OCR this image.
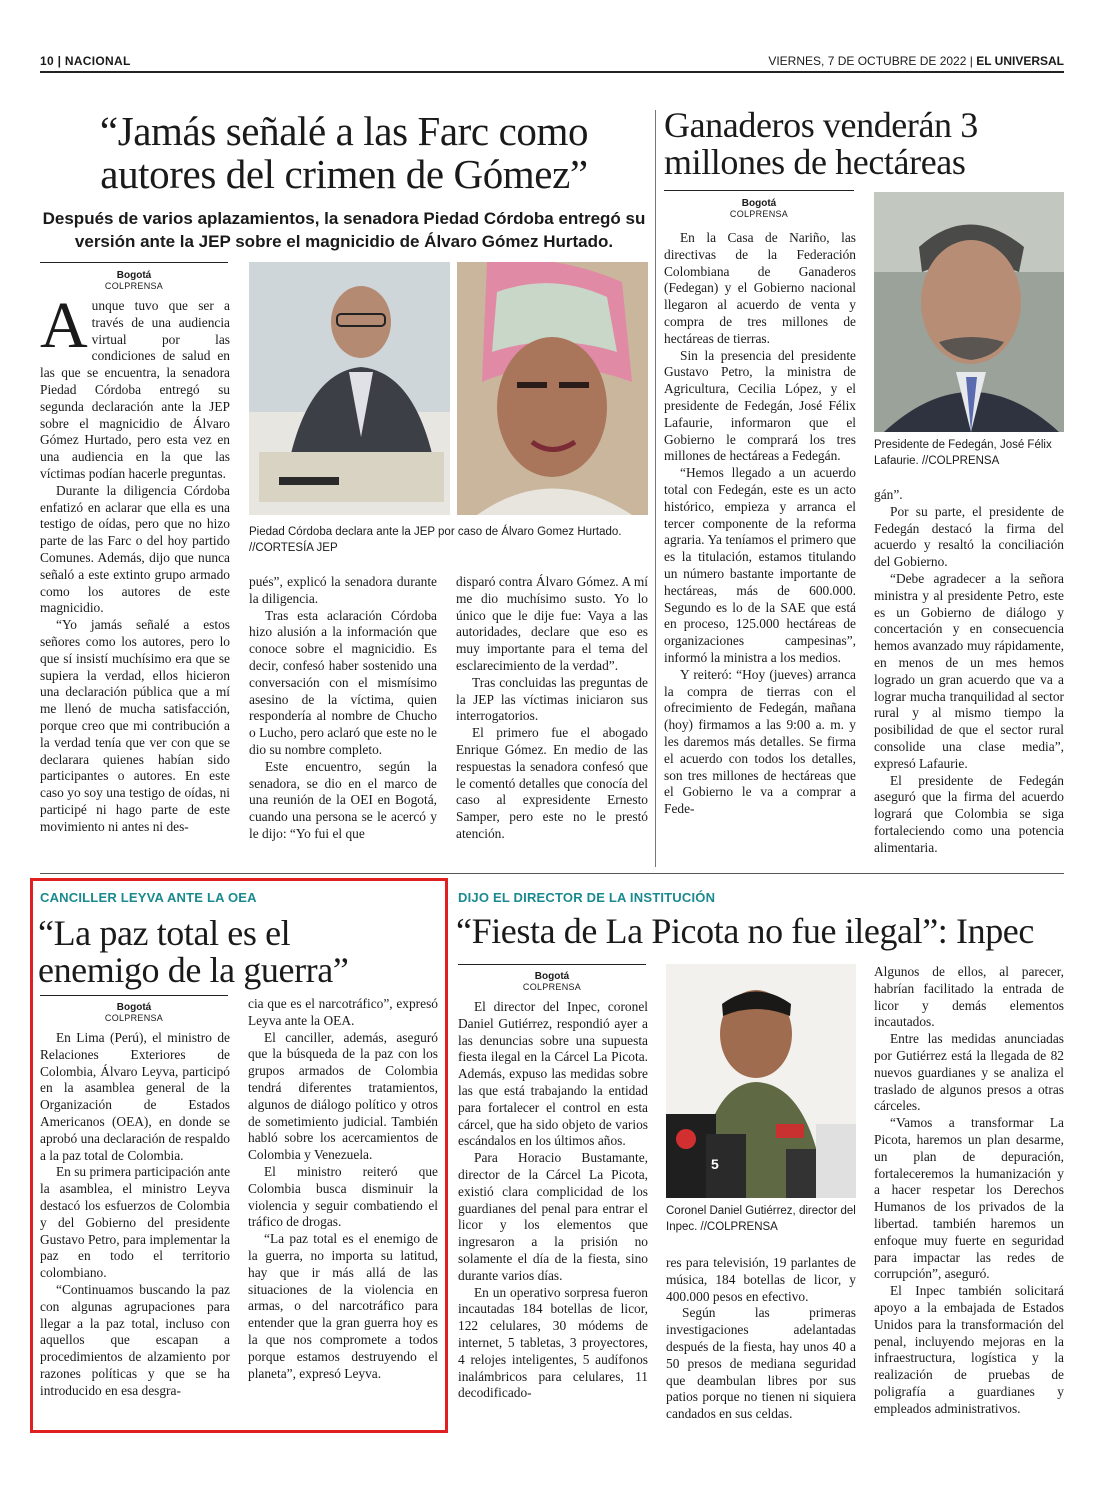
10 | NACIONAL	VIERNES, 7 DE OCTUBRE DE 2022 | EL UNIVERSAL
“Jamás señalé a las Farc como
autores del crimen de Gómez”
Después de varios aplazamientos, la senadora Piedad Córdoba entregó su
versión ante la JEP sobre el magnicidio de Álvaro Gómez Hurtado.
Bogotá
COLPRENSA

Aunque tuvo que ser a través de una audiencia virtual por las condiciones de salud en las que se encuentra, la senadora Piedad Córdoba entregó su segunda declaración ante la JEP sobre el magnicidio de Álvaro Gómez Hurtado, pero esta vez en una audiencia en la que las víctimas podían hacerle preguntas.

Durante la diligencia Córdoba enfatizó en aclarar que ella es una testigo de oídas, pero que no hizo parte de las Farc o del hoy partido Comunes. Además, dijo que nunca señaló a este extinto grupo armado como los autores de este magnicidio.

“Yo jamás señalé a estos señores como los autores, pero lo que sí insistí muchísimo era que se supiera la verdad, ellos hicieron una declaración pública que a mí me llenó de mucha satisfacción, porque creo que mi contribución a la verdad tenía que ver con que se declarara quienes habían sido participantes o autores. En este caso yo soy una testigo de oídas, ni participé ni hago parte de este movimiento ni antes ni des-

Piedad Córdoba declara ante la JEP por caso de Álvaro Gomez Hurtado. //CORTESÍA JEP

pués”, explicó la senadora durante la diligencia.

Tras esta aclaración Córdoba hizo alusión a la información que conoce sobre el magnicidio. Es decir, confesó haber sostenido una conversación con el mismísimo asesino de la víctima, quien respondería al nombre de Chucho o Lucho, pero aclaró que este no le dio su nombre completo.

Este encuentro, según la senadora, se dio en el marco de una reunión de la OEI en Bogotá, cuando una persona se le acercó y le dijo: “Yo fui el que

disparó contra Álvaro Gómez. A mí me dio muchísimo susto. Yo lo único que le dije fue: Vaya a las autoridades, declare que eso es muy importante para el tema del esclarecimiento de la verdad”.

Tras concluidas las preguntas de la JEP las víctimas iniciaron sus interrogatorios.

El primero fue el abogado Enrique Gómez. En medio de las respuestas la senadora confesó que le comentó detalles que conocía del caso al expresidente Ernesto Samper, pero este no le prestó atención.

Ganaderos venderán 3
millones de hectáreas
Bogotá
COLPRENSA

En la Casa de Nariño, las directivas de la Federación Colombiana de Ganaderos (Fedegan) y el Gobierno nacional llegaron al acuerdo de venta y compra de tres millones de hectáreas de tierras.

Sin la presencia del presidente Gustavo Petro, la ministra de Agricultura, Cecilia López, y el presidente de Fedegán, José Félix Lafaurie, informaron que el Gobierno le comprará los tres millones de hectáreas a Fedegán.

“Hemos llegado a un acuerdo total con Fedegán, este es un acto histórico, empieza y arranca el tercer componente de la reforma agraria. Ya teníamos el primero que es la titulación, estamos titulando un número bastante importante de hectáreas, más de 600.000. Segundo es lo de la SAE que está en proceso, 125.000 hectáreas de organizaciones campesinas”, informó la ministra a los medios.

Y reiteró: “Hoy (jueves) arranca la compra de tierras con el ofrecimiento de Fedegán, mañana (hoy) firmamos a las 9:00 a. m. y les daremos más detalles. Se firma el acuerdo con todos los detalles, son tres millones de hectáreas que el Gobierno le va a comprar a Fede-

Presidente de Fedegán, José Félix Lafaurie. //COLPRENSA

gán”.

Por su parte, el presidente de Fedegán destacó la firma del acuerdo y resaltó la conciliación del Gobierno.

“Debe agradecer a la señora ministra y al presidente Petro, este es un Gobierno de diálogo y concertación y en consecuencia hemos avanzado muy rápidamente, en menos de un mes hemos logrado un gran acuerdo que va a lograr mucha tranquilidad al sector rural y al mismo tiempo la posibilidad de que el sector rural consolide una clase media”, expresó Lafaurie.

El presidente de Fedegán aseguró que la firma del acuerdo logrará que Colombia se siga fortaleciendo como una potencia alimentaria.

CANCILLER LEYVA ANTE LA OEA
“La paz total es el
enemigo de la guerra”
Bogotá
COLPRENSA

En Lima (Perú), el ministro de Relaciones Exteriores de Colombia, Álvaro Leyva, participó en la asamblea general de la Organización de Estados Americanos (OEA), en donde se aprobó una declaración de respaldo a la paz total de Colombia.

En su primera participación ante la asamblea, el ministro Leyva destacó los esfuerzos de Colombia y del Gobierno del presidente Gustavo Petro, para implementar la paz en todo el territorio colombiano.

“Continuamos buscando la paz con algunas agrupaciones para llegar a la paz total, incluso con aquellos que escapan a procedimientos de alzamiento por razones políticas y que se ha introducido en esa desgra-

cia que es el narcotráfico”, expresó Leyva ante la OEA.

El canciller, además, aseguró que la búsqueda de la paz con los grupos armados de Colombia tendrá diferentes tratamientos, algunos de diálogo político y otros de sometimiento judicial. También habló sobre los acercamientos de Colombia y Venezuela.

El ministro reiteró que Colombia busca disminuir la violencia y seguir combatiendo el tráfico de drogas.

“La paz total es el enemigo de la guerra, no importa su latitud, hay que ir más allá de las situaciones de la violencia en armas, o del narcotráfico para entender que la gran guerra hoy es la que nos compromete a todos porque estamos destruyendo el planeta”, expresó Leyva.

DIJO EL DIRECTOR DE LA INSTITUCIÓN
“Fiesta de La Picota no fue ilegal”: Inpec
Bogotá
COLPRENSA

El director del Inpec, coronel Daniel Gutiérrez, respondió ayer a las denuncias sobre una supuesta fiesta ilegal en la Cárcel La Picota. Además, expuso las medidas sobre las que está trabajando la entidad para fortalecer el control en esta cárcel, que ha sido objeto de varios escándalos en los últimos años.

Para Horacio Bustamante, director de la Cárcel La Picota, existió clara complicidad de los guardianes del penal para entrar el licor y los elementos que ingresaron a la prisión no solamente el día de la fiesta, sino durante varios días.

En un operativo sorpresa fueron incautadas 184 botellas de licor, 122 celulares, 30 módems de internet, 5 tabletas, 3 proyectores, 4 relojes inteligentes, 5 audífonos inalámbricos para celulares, 11 decodificado-

5
Coronel Daniel Gutiérrez, director del Inpec. //COLPRENSA

res para televisión, 19 parlantes de música, 184 botellas de licor, y 400.000 pesos en efectivo.

Según las primeras investigaciones adelantadas después de la fiesta, hay unos 40 a 50 presos de mediana seguridad que deambulan libres por sus patios porque no tienen ni siquiera candados en sus celdas.

Algunos de ellos, al parecer, habrían facilitado la entrada de licor y demás elementos incautados.

Entre las medidas anunciadas por Gutiérrez está la llegada de 82 nuevos guardianes y se analiza el traslado de algunos presos a otras cárceles.

“Vamos a transformar La Picota, haremos un plan desarme, un plan de depuración, fortaleceremos la humanización y a hacer respetar los Derechos Humanos de los privados de la libertad. también haremos un enfoque muy fuerte en seguridad para impactar las redes de corrupción”, aseguró.

El Inpec también solicitará apoyo a la embajada de Estados Unidos para la transformación del penal, incluyendo mejoras en la infraestructura, logística y la realización de pruebas de poligrafía a guardianes y empleados administrativos.
